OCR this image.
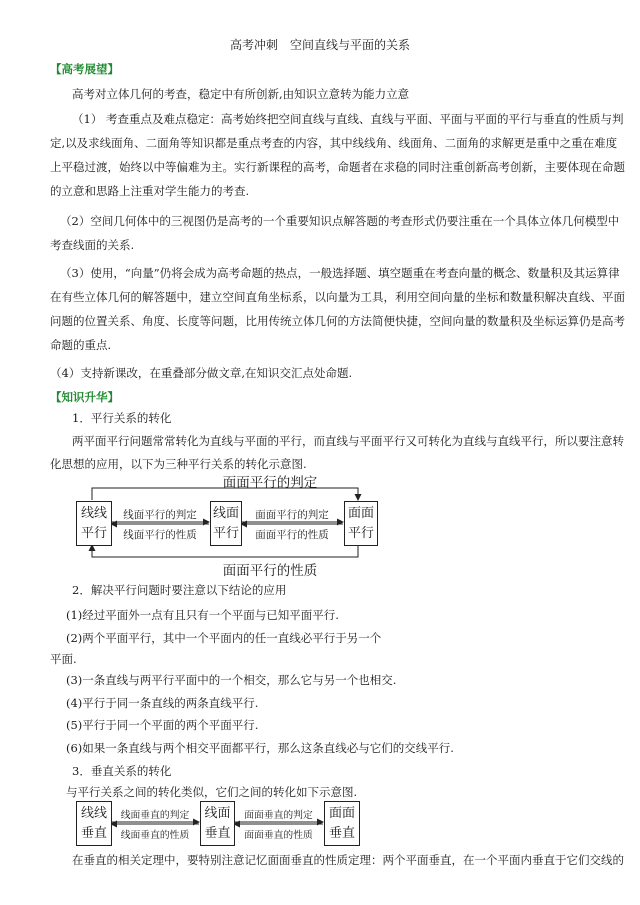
高考冲刺　空间直线与平面的关系
【高考展望】
高考对立体几何的考查，稳定中有所创新,由知识立意转为能力立意
（1） 考查重点及难点稳定：高考始终把空间直线与直线、直线与平面、平面与平面的平行与垂直的性质与判
定,以及求线面角、二面角等知识都是重点考查的内容，其中线线角、线面角、二面角的求解更是重中之重在难度
上平稳过渡，始终以中等偏难为主。实行新课程的高考，命题者在求稳的同时注重创新高考创新，主要体现在命题
的立意和思路上注重对学生能力的考查.
（2）空间几何体中的三视图仍是高考的一个重要知识点解答题的考查形式仍要注重在一个具体立体几何模型中
考查线面的关系.
（3）使用，“向量”仍将会成为高考命题的热点，一般选择题、填空题重在考查向量的概念、数量积及其运算律
在有些立体几何的解答题中，建立空间直角坐标系，以向量为工具，利用空间向量的坐标和数量积解决直线、平面
问题的位置关系、角度、长度等问题，比用传统立体几何的方法简便快捷，空间向量的数量积及坐标运算仍是高考
命题的重点.
（4）支持新课改，在重叠部分做文章,在知识交汇点处命题.
【知识升华】
1．平行关系的转化
两平面平行问题常常转化为直线与平面的平行，而直线与平面平行又可转化为直线与直线平行，所以要注意转
化思想的应用，以下为三种平行关系的转化示意图.
面面平行的判定
面面平行的性质
线线
平行
线面
平行
面面
平行
线面平行的判定
线面平行的性质
面面平行的判定
面面平行的性质
2．解决平行问题时要注意以下结论的应用
(1)经过平面外一点有且只有一个平面与已知平面平行.
(2)两个平面平行，其中一个平面内的任一直线必平行于另一个
平面.
(3)一条直线与两平行平面中的一个相交，那么它与另一个也相交.
(4)平行于同一条直线的两条直线平行.
(5)平行于同一个平面的两个平面平行.
(6)如果一条直线与两个相交平面都平行，那么这条直线必与它们的交线平行.
3．垂直关系的转化
与平行关系之间的转化类似，它们之间的转化如下示意图.
线线
垂直
线面
垂直
面面
垂直
线面垂直的判定
线面垂直的性质
面面垂直的判定
面面垂直的性质
在垂直的相关定理中，要特别注意记忆面面垂直的性质定理：两个平面垂直，在一个平面内垂直于它们交线的
